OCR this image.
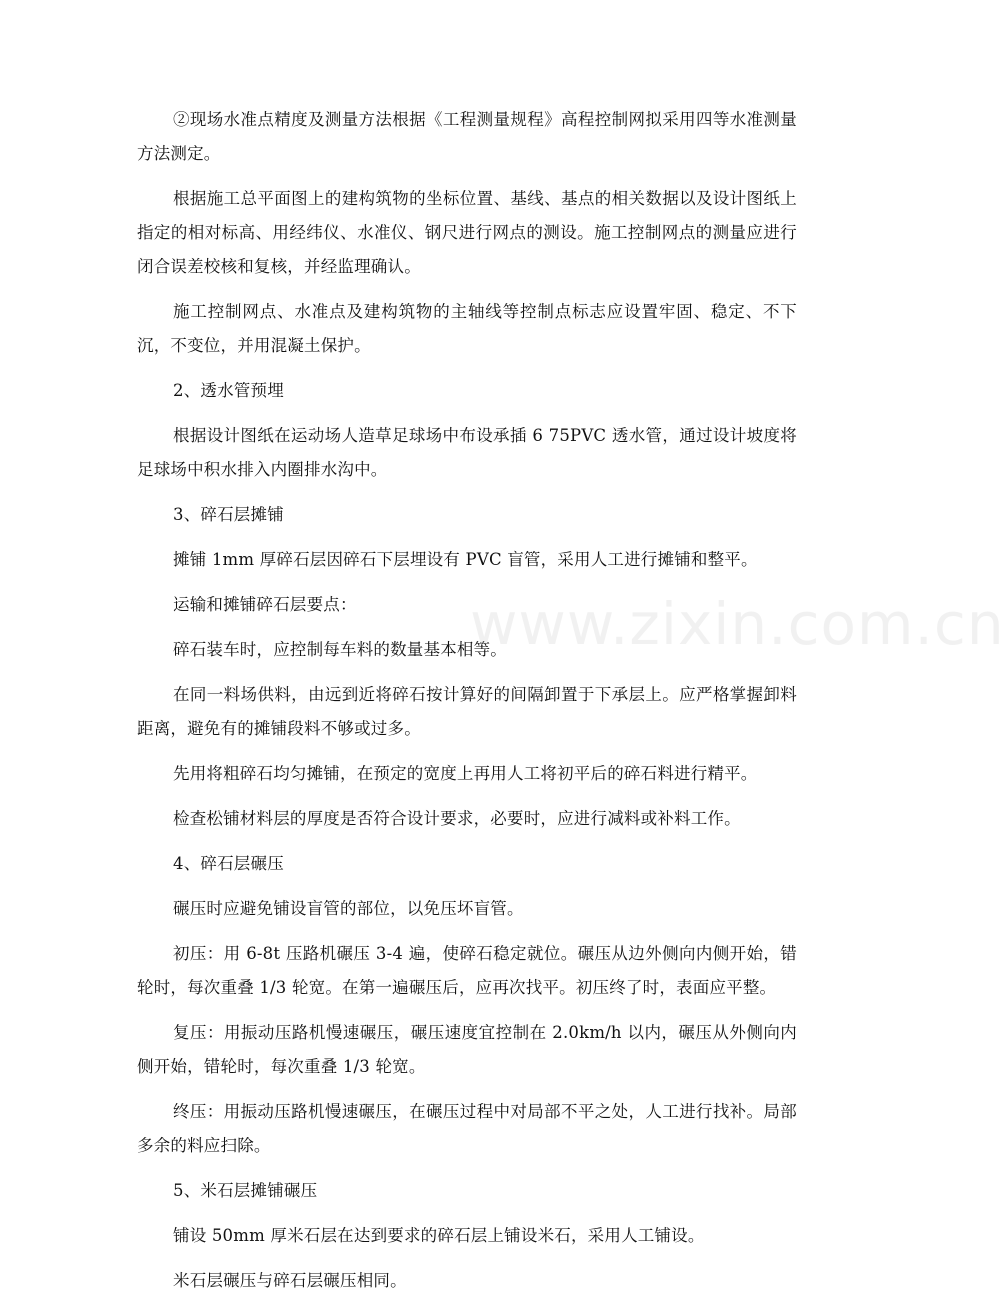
②现场水准点精度及测量方法根据《工程测量规程》高程控制网拟采用四等水准测量方法测定。

根据施工总平面图上的建构筑物的坐标位置、基线、基点的相关数据以及设计图纸上指定的相对标高、用经纬仪、水准仪、钢尺进行网点的测设。施工控制网点的测量应进行闭合误差校核和复核，并经监理确认。

施工控制网点、水准点及建构筑物的主轴线等控制点标志应设置牢固、稳定、不下沉，不变位，并用混凝土保护。

2、透水管预埋

根据设计图纸在运动场人造草足球场中布设承插 6 75PVC 透水管，通过设计坡度将足球场中积水排入内圈排水沟中。

3、碎石层摊铺

摊铺 1mm 厚碎石层因碎石下层埋设有 PVC 盲管，采用人工进行摊铺和整平。

运输和摊铺碎石层要点：

碎石装车时，应控制每车料的数量基本相等。

在同一料场供料，由远到近将碎石按计算好的间隔卸置于下承层上。应严格掌握卸料距离，避免有的摊铺段料不够或过多。

先用将粗碎石均匀摊铺，在预定的宽度上再用人工将初平后的碎石料进行精平。

检查松铺材料层的厚度是否符合设计要求，必要时，应进行减料或补料工作。

4、碎石层碾压

碾压时应避免铺设盲管的部位，以免压坏盲管。

初压：用 6-8t 压路机碾压 3-4 遍，使碎石稳定就位。碾压从边外侧向内侧开始，错轮时，每次重叠 1/3 轮宽。在第一遍碾压后，应再次找平。初压终了时，表面应平整。

复压：用振动压路机慢速碾压，碾压速度宜控制在 2.0km/h 以内，碾压从外侧向内侧开始，错轮时，每次重叠 1/3 轮宽。

终压：用振动压路机慢速碾压，在碾压过程中对局部不平之处，人工进行找补。局部多余的料应扫除。

5、米石层摊铺碾压

铺设 50mm 厚米石层在达到要求的碎石层上铺设米石，采用人工铺设。

米石层碾压与碎石层碾压相同。

www.zixin.com.cn
